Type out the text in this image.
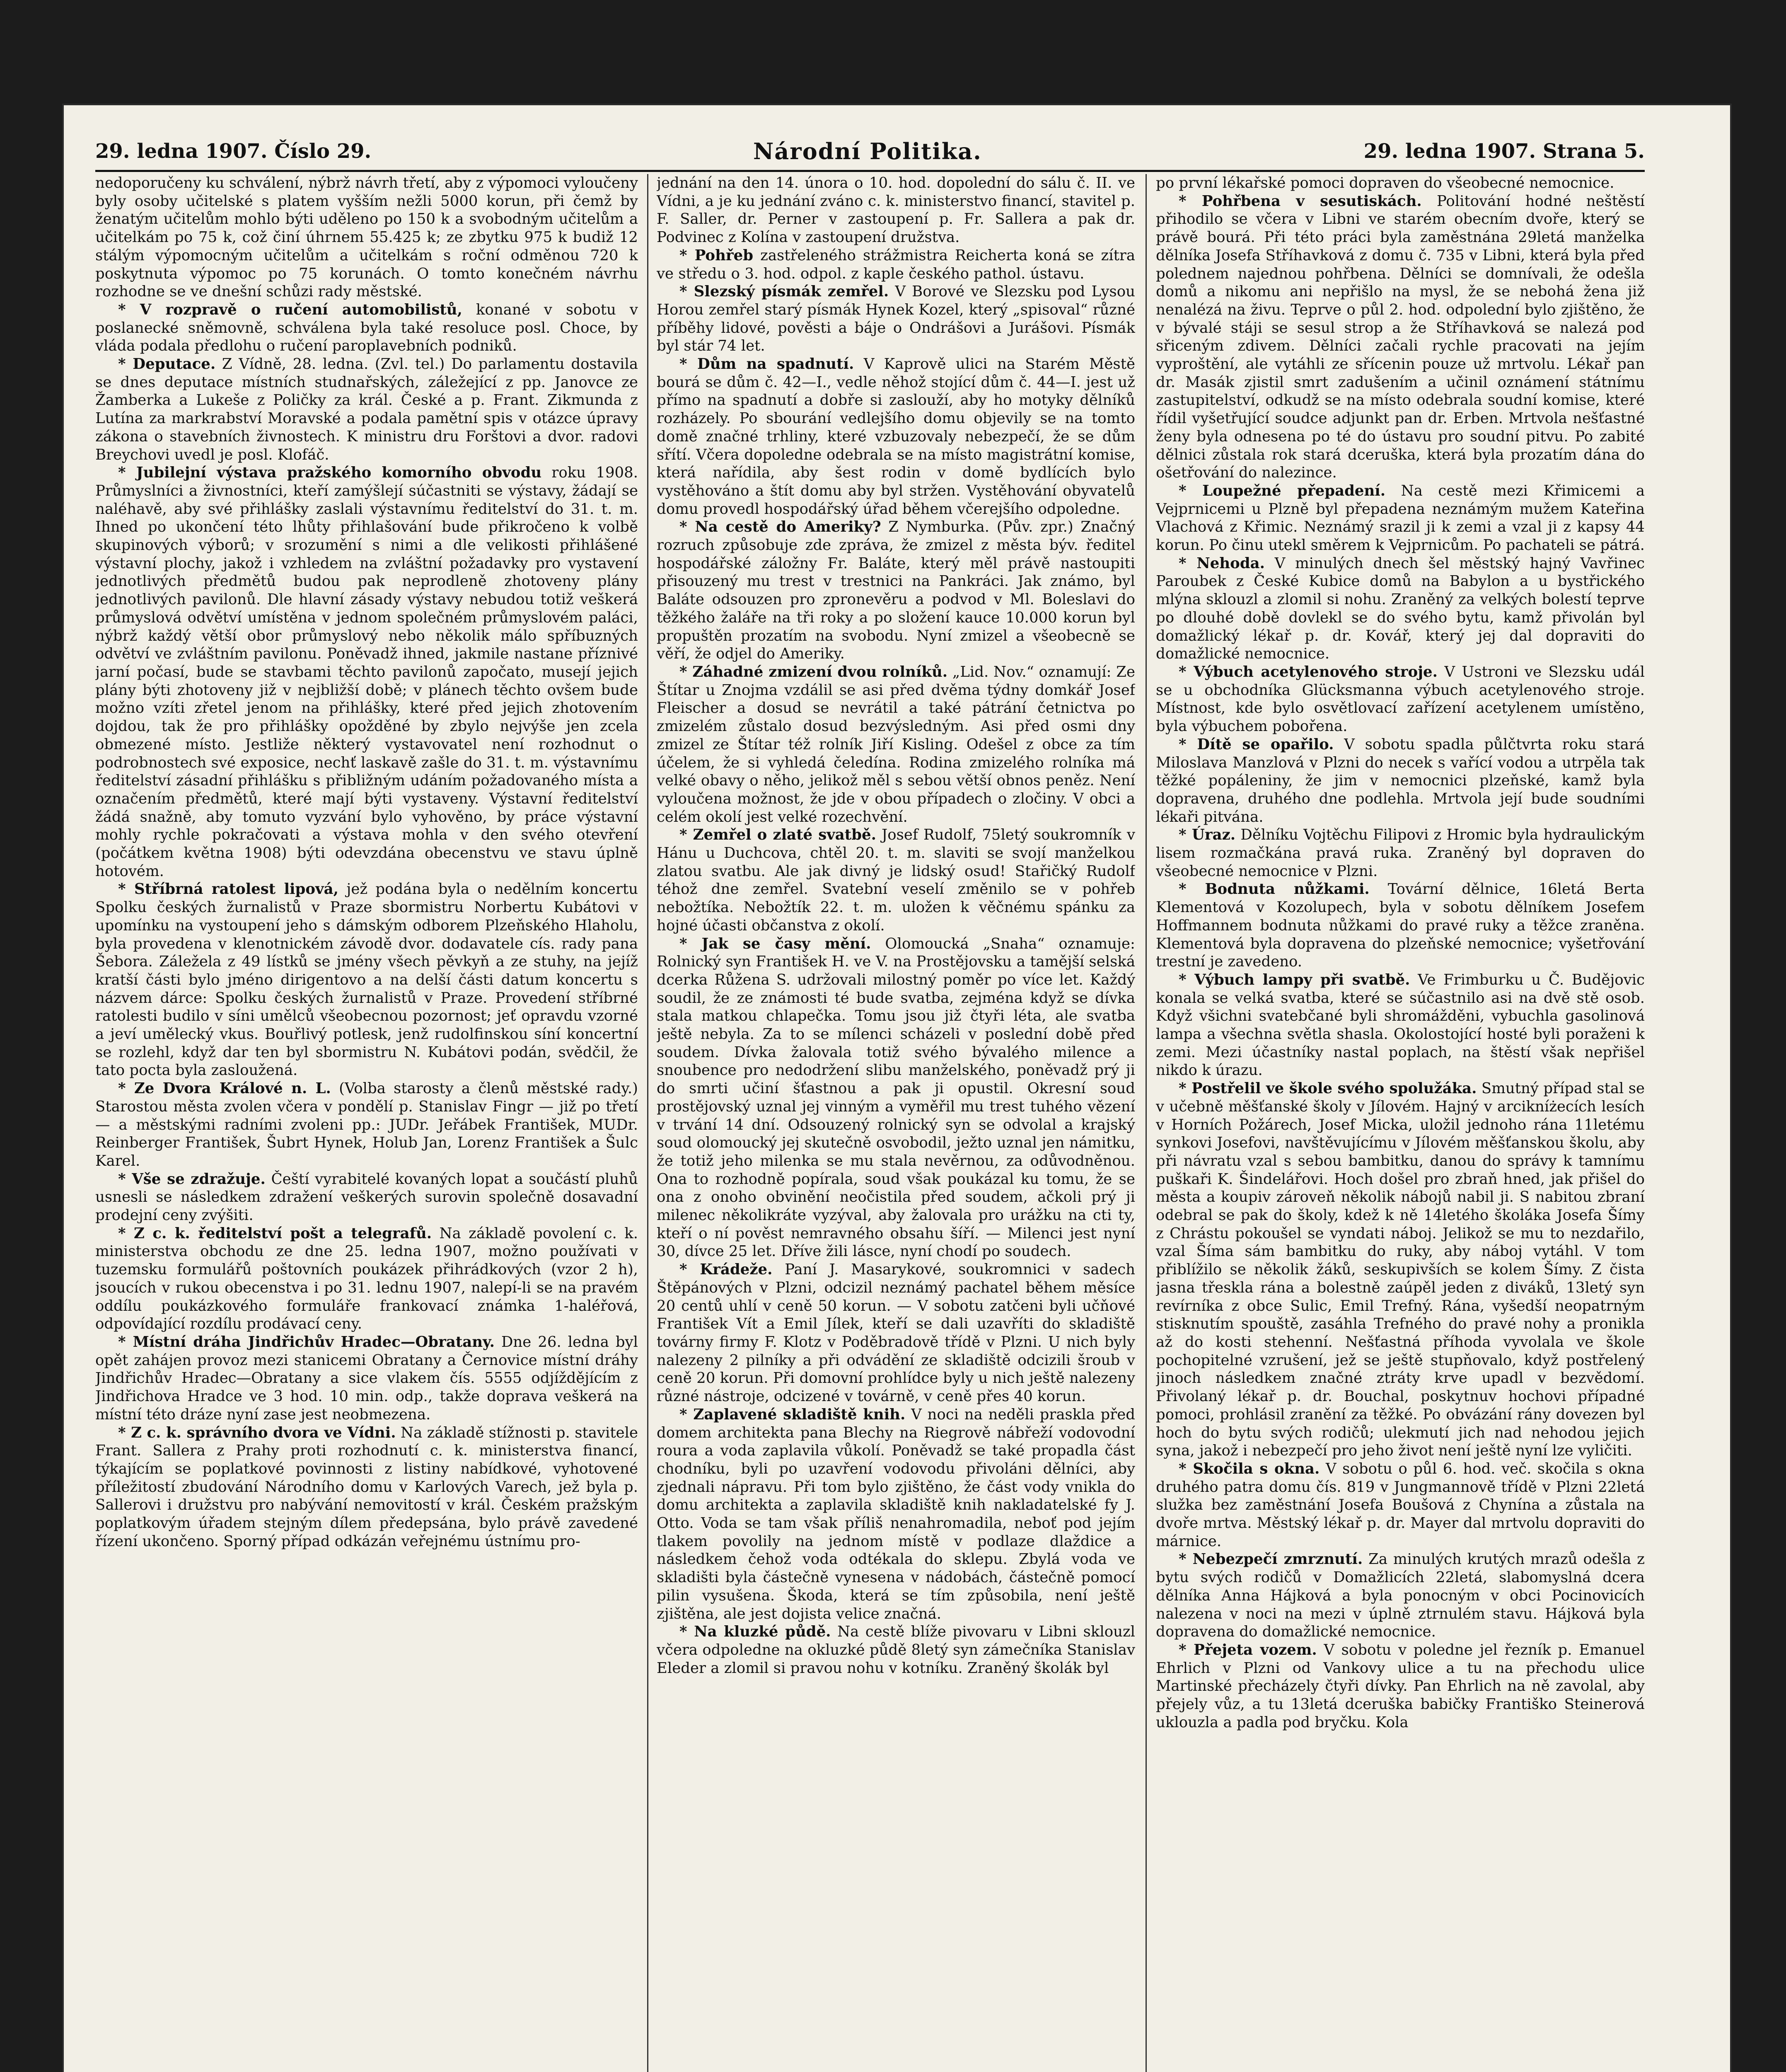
29. ledna 1907. Číslo 29.	Národní Politika.	29. ledna 1907. Strana 5.

nedoporučeny ku schválení, nýbrž návrh třetí, aby z výpomoci vyloučeny byly osoby učitelské s platem vyšším nežli 5000 korun, při čemž by ženatým učitelům mohlo býti uděleno po 150 k a svobodným učitelům a učitelkám po 75 k, což činí úhrnem 55.425 k; ze zbytku 975 k budiž 12 stálým výpomocným učitelům a učitelkám s roční odměnou 720 k poskytnuta výpomoc po 75 korunách. O tomto konečném návrhu rozhodne se ve dnešní schůzi rady městské.

* V rozpravě o ručení automobilistů, konané v sobotu v poslanecké sněmovně, schválena byla také resoluce posl. Choce, by vláda podala předlohu o ručení paroplavebních podniků.

* Deputace. Z Vídně, 28. ledna. (Zvl. tel.) Do parlamentu dostavila se dnes deputace místních studnařských, záležející z pp. Janovce ze Žamberka a Lukeše z Poličky za král. České a p. Frant. Zikmunda z Lutína za markrabství Moravské a podala pamětní spis v otázce úpravy zákona o stavebních živnostech. K ministru dru Forštovi a dvor. radovi Breychovi uvedl je posl. Klofáč.

* Jubilejní výstava pražského komorního obvodu roku 1908. Průmyslníci a živnostníci, kteří zamýšlejí súčastniti se výstavy, žádají se naléhavě, aby své přihlášky zaslali výstavnímu ředitelství do 31. t. m. Ihned po ukončení této lhůty přihlašování bude přikročeno k volbě skupinových výborů; v srozumění s nimi a dle velikosti přihlášené výstavní plochy, jakož i vzhledem na zvláštní požadavky pro vystavení jednotlivých předmětů budou pak neprodleně zhotoveny plány jednotlivých pavilonů. Dle hlavní zásady výstavy nebudou totiž veškerá průmyslová odvětví umístěna v jednom společném průmyslovém paláci, nýbrž každý větší obor průmyslový nebo několik málo spříbuzných odvětví ve zvláštním pavilonu. Poněvadž ihned, jakmile nastane příznivé jarní počasí, bude se stavbami těchto pavilonů započato, musejí jejich plány býti zhotoveny již v nejbližší době; v plánech těchto ovšem bude možno vzíti zřetel jenom na přihlášky, které před jejich zhotovením dojdou, tak že pro přihlášky opožděné by zbylo nejvýše jen zcela obmezené místo. Jestliže některý vystavovatel není rozhodnut o podrobnostech své exposice, nechť laskavě zašle do 31. t. m. výstavnímu ředitelství zásadní přihlášku s přibližným udáním požadovaného místa a označením předmětů, které mají býti vystaveny. Výstavní ředitelství žádá snažně, aby tomuto vyzvání bylo vyhověno, by práce výstavní mohly rychle pokračovati a výstava mohla v den svého otevření (počátkem května 1908) býti odevzdána obecenstvu ve stavu úplně hotovém.

* Stříbrná ratolest lipová, jež podána byla o nedělním koncertu Spolku českých žurnalistů v Praze sbormistru Norbertu Kubátovi v upomínku na vystoupení jeho s dámským odborem Plzeňského Hlaholu, byla provedena v klenotnickém závodě dvor. dodavatele cís. rady pana Šebora. Záležela z 49 lístků se jmény všech pěvkyň a ze stuhy, na jejíž kratší části bylo jméno dirigentovo a na delší části datum koncertu s názvem dárce: Spolku českých žurnalistů v Praze. Provedení stříbrné ratolesti budilo v síni umělců všeobecnou pozornost; jeť opravdu vzorné a jeví umělecký vkus. Bouřlivý potlesk, jenž rudolfinskou síní koncertní se rozlehl, když dar ten byl sbormistru N. Kubátovi podán, svědčil, že tato pocta byla zasloužená.

* Ze Dvora Králové n. L. (Volba starosty a členů městské rady.) Starostou města zvolen včera v pondělí p. Stanislav Fingr — již po třetí — a městskými radními zvoleni pp.: JUDr. Jeřábek František, MUDr. Reinberger František, Šubrt Hynek, Holub Jan, Lorenz František a Šulc Karel.

* Vše se zdražuje. Čeští vyrabitelé kovaných lopat a součástí pluhů usnesli se následkem zdražení veškerých surovin společně dosavadní prodejní ceny zvýšiti.

* Z c. k. ředitelství pošt a telegrafů. Na základě povolení c. k. ministerstva obchodu ze dne 25. ledna 1907, možno používati v tuzemsku formulářů poštovních poukázek přihrádkových (vzor 2 h), jsoucích v rukou obecenstva i po 31. lednu 1907, nalepí-li se na pravém oddílu poukázkového formuláře frankovací známka 1-haléřová, odpovídající rozdílu prodávací ceny.

* Místní dráha Jindřichův Hradec—Obratany. Dne 26. ledna byl opět zahájen provoz mezi stanicemi Obratany a Černovice místní dráhy Jindřichův Hradec—Obratany a sice vlakem čís. 5555 odjíždějícím z Jindřichova Hradce ve 3 hod. 10 min. odp., takže doprava veškerá na místní této dráze nyní zase jest neobmezena.

* Z c. k. správního dvora ve Vídni. Na základě stížnosti p. stavitele Frant. Sallera z Prahy proti rozhodnutí c. k. ministerstva financí, týkajícím se poplatkové povinnosti z listiny nabídkové, vyhotovené příležitostí zbudování Národního domu v Karlových Varech, jež byla p. Sallerovi i družstvu pro nabývání nemovitostí v král. Českém pražským poplatkovým úřadem stejným dílem předepsána, bylo právě zavedené řízení ukončeno. Sporný případ odkázán veřejnému ústnímu pro-

jednání na den 14. února o 10. hod. dopolední do sálu č. II. ve Vídni, a je ku jednání zváno c. k. ministerstvo financí, stavitel p. F. Saller, dr. Perner v zastoupení p. Fr. Sallera a pak dr. Podvinec z Kolína v zastoupení družstva.

* Pohřeb zastřeleného strážmistra Reicherta koná se zítra ve středu o 3. hod. odpol. z kaple českého pathol. ústavu.

* Slezský písmák zemřel. V Borové ve Slezsku pod Lysou Horou zemřel starý písmák Hynek Kozel, který „spisoval“ různé příběhy lidové, pověsti a báje o Ondrášovi a Jurášovi. Písmák byl stár 74 let.

* Dům na spadnutí. V Kaprově ulici na Starém Městě bourá se dům č. 42—I., vedle něhož stojící dům č. 44—I. jest už přímo na spadnutí a dobře si zaslouží, aby ho motyky dělníků rozházely. Po sbourání vedlejšího domu objevily se na tomto domě značné trhliny, které vzbuzovaly nebezpečí, že se dům sřítí. Včera dopoledne odebrala se na místo magistrátní komise, která nařídila, aby šest rodin v domě bydlících bylo vystěhováno a štít domu aby byl stržen. Vystěhování obyvatelů domu provedl hospodářský úřad během včerejšího odpoledne.

* Na cestě do Ameriky? Z Nymburka. (Pův. zpr.) Značný rozruch způsobuje zde zpráva, že zmizel z města býv. ředitel hospodářské záložny Fr. Baláte, který měl právě nastoupiti přisouzený mu trest v trestnici na Pankráci. Jak známo, byl Baláte odsouzen pro zpronevěru a podvod v Ml. Boleslavi do těžkého žaláře na tři roky a po složení kauce 10.000 korun byl propuštěn prozatím na svobodu. Nyní zmizel a všeobecně se věří, že odjel do Ameriky.

* Záhadné zmizení dvou rolníků. „Lid. Nov.“ oznamují: Ze Štítar u Znojma vzdálil se asi před dvěma týdny domkář Josef Fleischer a dosud se nevrátil a také pátrání četnictva po zmizelém zůstalo dosud bezvýsledným. Asi před osmi dny zmizel ze Štítar též rolník Jiří Kisling. Odešel z obce za tím účelem, že si vyhledá čeledína. Rodina zmizelého rolníka má velké obavy o něho, jelikož měl s sebou větší obnos peněz. Není vyloučena možnost, že jde v obou případech o zločiny. V obci a celém okolí jest velké rozechvění.

* Zemřel o zlaté svatbě. Josef Rudolf, 75letý soukromník v Hánu u Duchcova, chtěl 20. t. m. slaviti se svojí manželkou zlatou svatbu. Ale jak divný je lidský osud! Stařičký Rudolf téhož dne zemřel. Svatební veselí změnilo se v pohřeb nebožtíka. Nebožtík 22. t. m. uložen k věčnému spánku za hojné účasti občanstva z okolí.

* Jak se časy mění. Olomoucká „Snaha“ oznamuje: Rolnický syn František H. ve V. na Prostějovsku a tamější selská dcerka Růžena S. udržovali milostný poměr po více let. Každý soudil, že ze známosti té bude svatba, zejména když se dívka stala matkou chlapečka. Tomu jsou již čtyři léta, ale svatba ještě nebyla. Za to se mílenci scházeli v poslední době před soudem. Dívka žalovala totiž svého bývalého milence a snoubence pro nedodržení slibu manželského, poněvadž prý ji do smrti učiní šťastnou a pak ji opustil. Okresní soud prostějovský uznal jej vinným a vyměřil mu trest tuhého vězení v trvání 14 dní. Odsouzený rolnický syn se odvolal a krajský soud olomoucký jej skutečně osvobodil, ježto uznal jen námitku, že totiž jeho milenka se mu stala nevěrnou, za odůvodněnou. Ona to rozhodně popírala, soud však poukázal ku tomu, že se ona z onoho obvinění neočistila před soudem, ačkoli prý ji milenec několikráte vyzýval, aby žalovala pro urážku na cti ty, kteří o ní pověst nemravného obsahu šíří. — Milenci jest nyní 30, dívce 25 let. Dříve žili lásce, nyní chodí po soudech.

* Krádeže. Paní J. Masarykové, soukromnici v sadech Štěpánových v Plzni, odcizil neznámý pachatel během měsíce 20 centů uhlí v ceně 50 korun. — V sobotu zatčeni byli učňové František Vít a Emil Jílek, kteří se dali uzavříti do skladiště továrny firmy F. Klotz v Poděbradově třídě v Plzni. U nich byly nalezeny 2 pilníky a při odvádění ze skladiště odcizili šroub v ceně 20 korun. Při domovní prohlídce byly u nich ještě nalezeny různé nástroje, odcizené v továrně, v ceně přes 40 korun.

* Zaplavené skladiště knih. V noci na neděli praskla před domem architekta pana Blechy na Riegrově nábřeží vodovodní roura a voda zaplavila vůkolí. Poněvadž se také propadla část chodníku, byli po uzavření vodovodu přivoláni dělníci, aby zjednali nápravu. Při tom bylo zjištěno, že část vody vnikla do domu architekta a zaplavila skladiště knih nakladatelské fy J. Otto. Voda se tam však příliš nenahromadila, neboť pod jejím tlakem povolily na jednom místě v podlaze dlaždice a následkem čehož voda odtékala do sklepu. Zbylá voda ve skladišti byla částečně vynesena v nádobách, částečně pomocí pilin vysušena. Škoda, která se tím způsobila, není ještě zjištěna, ale jest dojista velice značná.

* Na kluzké půdě. Na cestě blíže pivovaru v Libni sklouzl včera odpoledne na okluzké půdě 8letý syn zámečníka Stanislav Eleder a zlomil si pravou nohu v kotníku. Zraněný školák byl

po první lékařské pomoci dopraven do všeobecné nemocnice.

* Pohřbena v sesutiskách. Politování hodné neštěstí přihodilo se včera v Libni ve starém obecním dvoře, který se právě bourá. Při této práci byla zaměstnána 29letá manželka dělníka Josefa Stříhavková z domu č. 735 v Libni, která byla před polednem najednou pohřbena. Dělníci se domnívali, že odešla domů a nikomu ani nepřišlo na mysl, že se nebohá žena již nenalézá na živu. Teprve o půl 2. hod. odpolední bylo zjištěno, že v bývalé stáji se sesul strop a že Stříhavková se nalezá pod sřiceným zdivem. Dělníci začali rychle pracovati na jejím vyproštění, ale vytáhli ze sřícenin pouze už mrtvolu. Lékař pan dr. Masák zjistil smrt zadušením a učinil oznámení státnímu zastupitelství, odkudž se na místo odebrala soudní komise, které řídil vyšetřující soudce adjunkt pan dr. Erben. Mrtvola nešťastné ženy byla odnesena po té do ústavu pro soudní pitvu. Po zabité dělnici zůstala rok stará dceruška, která byla prozatím dána do ošetřování do nalezince.

* Loupežné přepadení. Na cestě mezi Křimicemi a Vejprnicemi u Plzně byl přepadena neznámým mužem Kateřina Vlachová z Křimic. Neznámý srazil ji k zemi a vzal ji z kapsy 44 korun. Po činu utekl směrem k Vejprnicům. Po pachateli se pátrá.

* Nehoda. V minulých dnech šel městský hajný Vavřinec Paroubek z České Kubice domů na Babylon a u bystřického mlýna sklouzl a zlomil si nohu. Zraněný za velkých bolestí teprve po dlouhé době dovlekl se do svého bytu, kamž přivolán byl domažlický lékař p. dr. Kovář, který jej dal dopraviti do domažlické nemocnice.

* Výbuch acetylenového stroje. V Ustroni ve Slezsku udál se u obchodníka Glücksmanna výbuch acetylenového stroje. Místnost, kde bylo osvětlovací zařízení acetylenem umístěno, byla výbuchem pobořena.

* Dítě se opařilo. V sobotu spadla půlčtvrta roku stará Miloslava Manzlová v Plzni do necek s vařící vodou a utrpěla tak těžké popáleniny, že jim v nemocnici plzeňské, kamž byla dopravena, druhého dne podlehla. Mrtvola její bude soudními lékaři pitvána.

* Úraz. Dělníku Vojtěchu Filipovi z Hromic byla hydraulickým lisem rozmačkána pravá ruka. Zraněný byl dopraven do všeobecné nemocnice v Plzni.

* Bodnuta nůžkami. Tovární dělnice, 16letá Berta Klementová v Kozolupech, byla v sobotu dělníkem Josefem Hoffmannem bodnuta nůžkami do pravé ruky a těžce zraněna. Klementová byla dopravena do plzeňské nemocnice; vyšetřování trestní je zavedeno.

* Výbuch lampy při svatbě. Ve Frimburku u Č. Budějovic konala se velká svatba, které se súčastnilo asi na dvě stě osob. Když všichni svatebčané byli shromážděni, vybuchla gasolinová lampa a všechna světla shasla. Okolostojící hosté byli poraženi k zemi. Mezi účastníky nastal poplach, na štěstí však nepřišel nikdo k úrazu.

* Postřelil ve škole svého spolužáka. Smutný případ stal se v učebně měšťanské školy v Jílovém. Hajný v arcikníżecích lesích v Horních Požárech, Josef Micka, uložil jednoho rána 11letému synkovi Josefovi, navštěvujícímu v Jílovém měšťanskou školu, aby při návratu vzal s sebou bambitku, danou do správy k tamnímu puškaři K. Šindelářovi. Hoch došel pro zbraň hned, jak přišel do města a koupiv zároveň několik nábojů nabil ji. S nabitou zbraní odebral se pak do školy, kdež k ně 14letého školáka Josefa Šímy z Chrástu pokoušel se vyndati náboj. Jelikož se mu to nezdařilo, vzal Šíma sám bambitku do ruky, aby náboj vytáhl. V tom přiblížilo se několik žáků, seskupivších se kolem Šímy. Z čista jasna třeskla rána a bolestně zaúpěl jeden z diváků, 13letý syn revírníka z obce Sulic, Emil Trefný. Rána, vyšedší neopatrným stisknutím spouště, zasáhla Trefného do pravé nohy a pronikla až do kosti stehenní. Nešťastná příhoda vyvolala ve škole pochopitelné vzrušení, jež se ještě stupňovalo, když postřelený jinoch následkem značné ztráty krve upadl v bezvědomí. Přivolaný lékař p. dr. Bouchal, poskytnuv hochovi případné pomoci, prohlásil zranění za těžké. Po obvázání rány dovezen byl hoch do bytu svých rodičů; ulekmutí jich nad nehodou jejich syna, jakož i nebezpečí pro jeho život není ještě nyní lze vyličiti.

* Skočila s okna. V sobotu o půl 6. hod. več. skočila s okna druhého patra domu čís. 819 v Jungmannově třídě v Plzni 22letá služka bez zaměstnání Josefa Boušová z Chynína a zůstala na dvoře mrtva. Městský lékař p. dr. Mayer dal mrtvolu dopraviti do márnice.

* Nebezpečí zmrznutí. Za minulých krutých mrazů odešla z bytu svých rodičů v Domažlicích 22letá, slabomyslná dcera dělníka Anna Hájková a byla ponocným v obci Pocinovicích nalezena v noci na mezi v úplně ztrnulém stavu. Hájková byla dopravena do domažlické nemocnice.

* Přejeta vozem. V sobotu v poledne jel řezník p. Emanuel Ehrlich v Plzni od Vankovy ulice a tu na přechodu ulice Martinské přecházely čtyři dívky. Pan Ehrlich na ně zavolal, aby přejely vůz, a tu 13letá dceruška babičky Františko Steinerová uklouzla a padla pod bryčku. Kola
